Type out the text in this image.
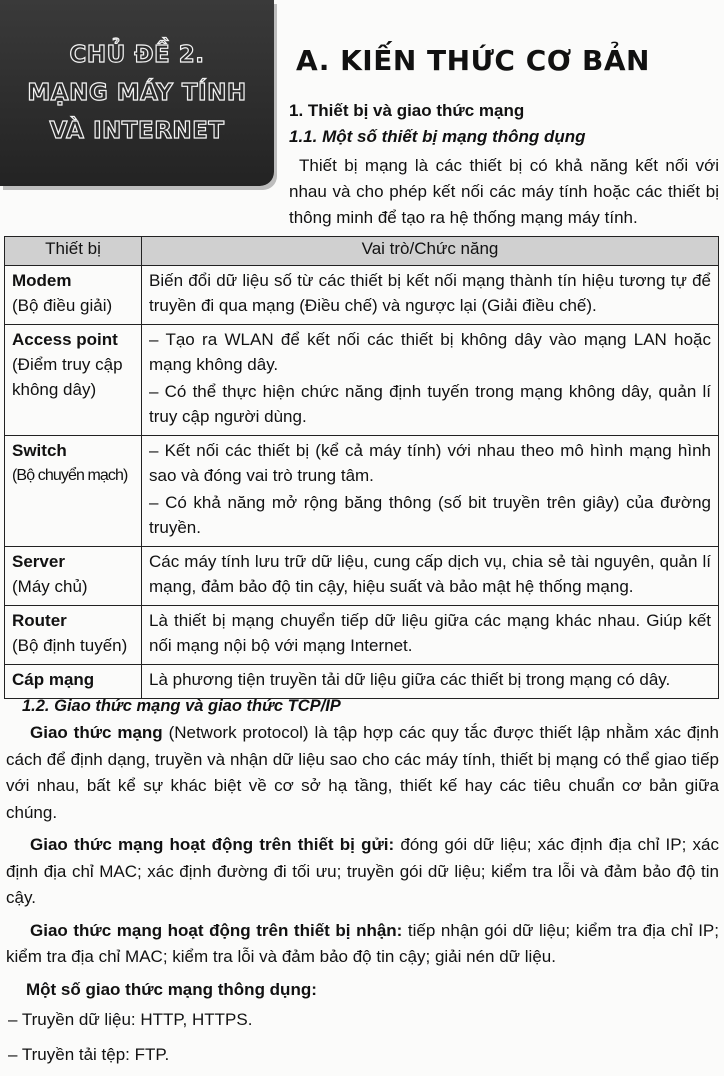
CHỦ ĐỀ 2.
MẠNG MÁY TÍNH
VÀ INTERNET
A. KIẾN THỨC CƠ BẢN
1. Thiết bị và giao thức mạng
1.1. Một số thiết bị mạng thông dụng
Thiết bị mạng là các thiết bị có khả năng kết nối với nhau và cho phép kết nối các máy tính hoặc các thiết bị thông minh để tạo ra hệ thống mạng máy tính.
Thiết bị	Vai trò/Chức năng

Modem
(Bộ điều giải)	Biến đổi dữ liệu số từ các thiết bị kết nối mạng thành tín hiệu tương tự để truyền đi qua mạng (Điều chế) và ngược lại (Giải điều chế).

Access point
(Điểm truy cập không dây)	– Tạo ra WLAN để kết nối các thiết bị không dây vào mạng LAN hoặc mạng không dây.
– Có thể thực hiện chức năng định tuyến trong mạng không dây, quản lí truy cập người dùng.

Switch
(Bộ chuyển mạch)	– Kết nối các thiết bị (kể cả máy tính) với nhau theo mô hình mạng hình sao và đóng vai trò trung tâm.
– Có khả năng mở rộng băng thông (số bit truyền trên giây) của đường truyền.

Server
(Máy chủ)	Các máy tính lưu trữ dữ liệu, cung cấp dịch vụ, chia sẻ tài nguyên, quản lí mạng, đảm bảo độ tin cậy, hiệu suất và bảo mật hệ thống mạng.

Router
(Bộ định tuyến)	Là thiết bị mạng chuyển tiếp dữ liệu giữa các mạng khác nhau. Giúp kết nối mạng nội bộ với mạng Internet.

Cáp mạng	Là phương tiện truyền tải dữ liệu giữa các thiết bị trong mạng có dây.
1.2. Giao thức mạng và giao thức TCP/IP

Giao thức mạng (Network protocol) là tập hợp các quy tắc được thiết lập nhằm xác định cách để định dạng, truyền và nhận dữ liệu sao cho các máy tính, thiết bị mạng có thể giao tiếp với nhau, bất kể sự khác biệt về cơ sở hạ tầng, thiết kế hay các tiêu chuẩn cơ bản giữa chúng.

Giao thức mạng hoạt động trên thiết bị gửi: đóng gói dữ liệu; xác định địa chỉ IP; xác định địa chỉ MAC; xác định đường đi tối ưu; truyền gói dữ liệu; kiểm tra lỗi và đảm bảo độ tin cậy.

Giao thức mạng hoạt động trên thiết bị nhận: tiếp nhận gói dữ liệu; kiểm tra địa chỉ IP; kiểm tra địa chỉ MAC; kiểm tra lỗi và đảm bảo độ tin cậy; giải nén dữ liệu.

Một số giao thức mạng thông dụng:

– Truyền dữ liệu: HTTP, HTTPS.

– Truyền tải tệp: FTP.
